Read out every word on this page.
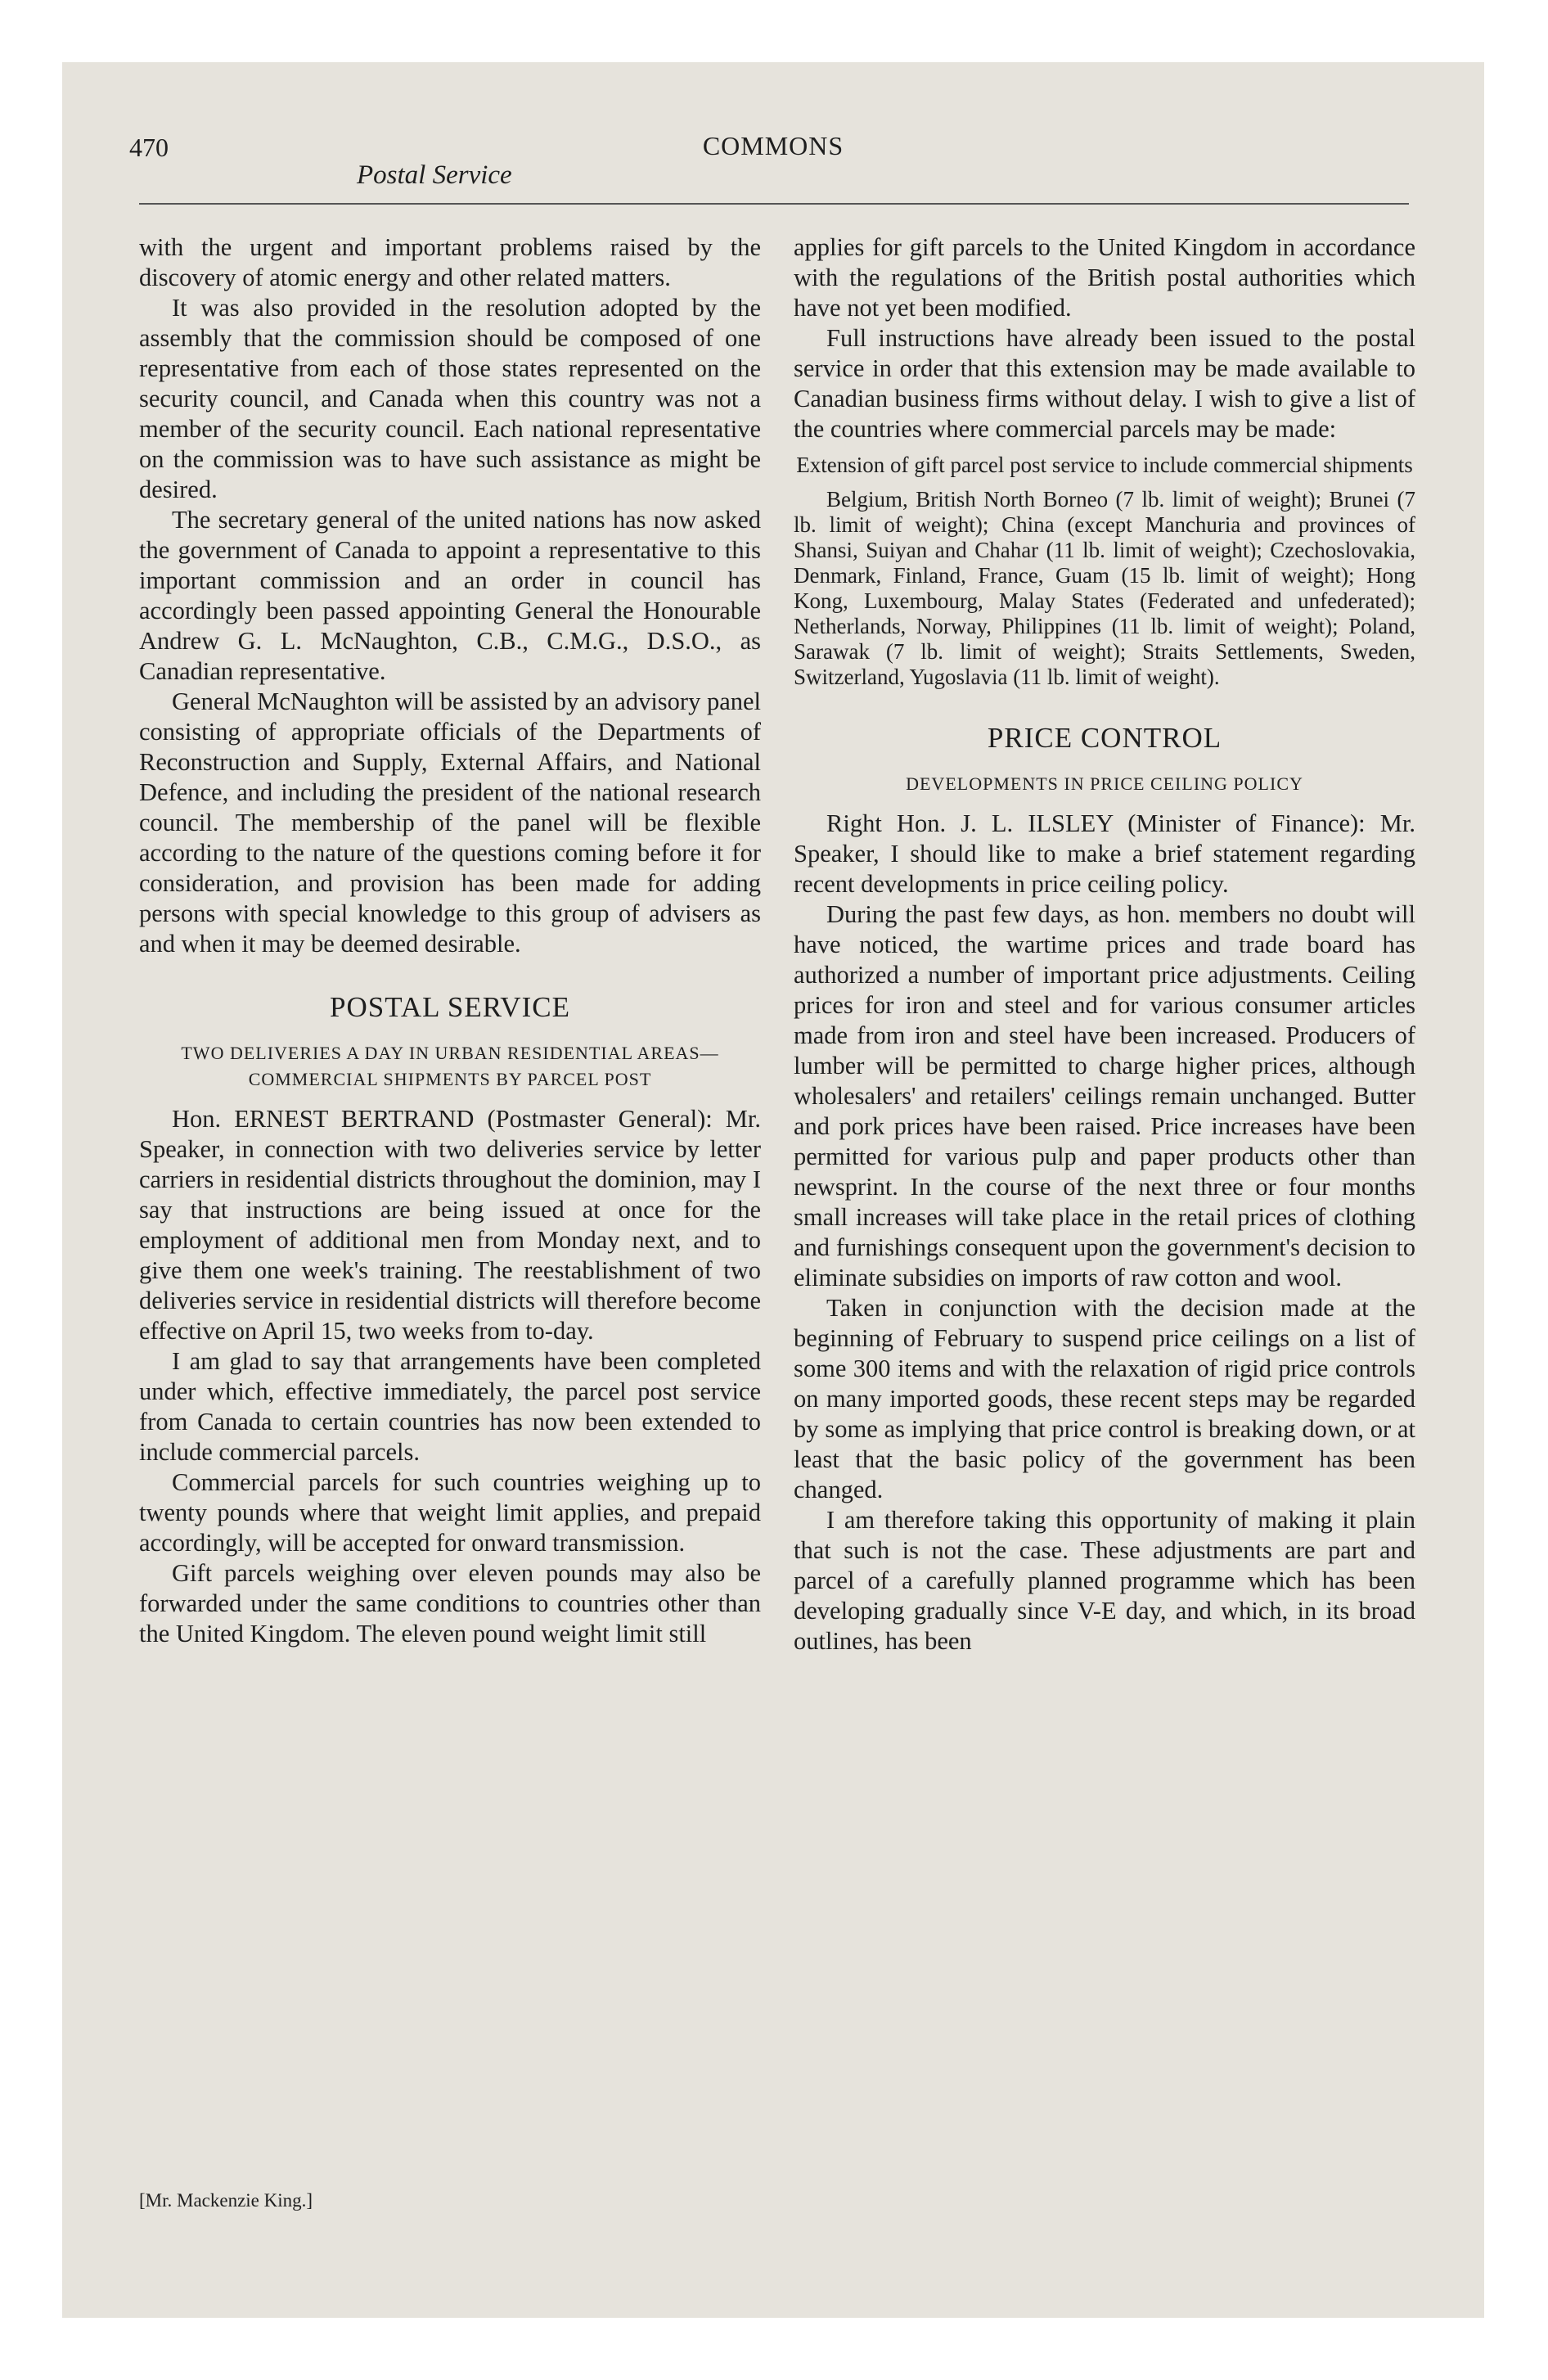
470	COMMONS
Postal Service

with the urgent and important problems raised by the discovery of atomic energy and other related matters.

It was also provided in the resolution adopted by the assembly that the commission should be composed of one representative from each of those states represented on the security council, and Canada when this country was not a member of the security council. Each national representative on the commission was to have such assistance as might be desired.

The secretary general of the united nations has now asked the government of Canada to appoint a representative to this important commission and an order in council has accordingly been passed appointing General the Honourable Andrew G. L. McNaughton, C.B., C.M.G., D.S.O., as Canadian representative.

General McNaughton will be assisted by an advisory panel consisting of appropriate officials of the Departments of Reconstruction and Supply, External Affairs, and National Defence, and including the president of the national research council. The membership of the panel will be flexible according to the nature of the questions coming before it for consideration, and provision has been made for adding persons with special knowledge to this group of advisers as and when it may be deemed desirable.

POSTAL SERVICE
TWO DELIVERIES A DAY IN URBAN RESIDENTIAL AREAS—COMMERCIAL SHIPMENTS BY PARCEL POST

Hon. ERNEST BERTRAND (Postmaster General): Mr. Speaker, in connection with two deliveries service by letter carriers in residential districts throughout the dominion, may I say that instructions are being issued at once for the employment of additional men from Monday next, and to give them one week's training. The reestablishment of two deliveries service in residential districts will therefore become effective on April 15, two weeks from to-day.

I am glad to say that arrangements have been completed under which, effective immediately, the parcel post service from Canada to certain countries has now been extended to include commercial parcels.

Commercial parcels for such countries weighing up to twenty pounds where that weight limit applies, and prepaid accordingly, will be accepted for onward transmission.

Gift parcels weighing over eleven pounds may also be forwarded under the same conditions to countries other than the United Kingdom. The eleven pound weight limit still

[Mr. Mackenzie King.]

applies for gift parcels to the United Kingdom in accordance with the regulations of the British postal authorities which have not yet been modified.

Full instructions have already been issued to the postal service in order that this extension may be made available to Canadian business firms without delay. I wish to give a list of the countries where commercial parcels may be made:

Extension of gift parcel post service to include commercial shipments

Belgium, British North Borneo (7 lb. limit of weight); Brunei (7 lb. limit of weight); China (except Manchuria and provinces of Shansi, Suiyan and Chahar (11 lb. limit of weight); Czechoslovakia, Denmark, Finland, France, Guam (15 lb. limit of weight); Hong Kong, Luxembourg, Malay States (Federated and unfederated); Netherlands, Norway, Philippines (11 lb. limit of weight); Poland, Sarawak (7 lb. limit of weight); Straits Settlements, Sweden, Switzerland, Yugoslavia (11 lb. limit of weight).

PRICE CONTROL
DEVELOPMENTS IN PRICE CEILING POLICY

Right Hon. J. L. ILSLEY (Minister of Finance): Mr. Speaker, I should like to make a brief statement regarding recent developments in price ceiling policy.

During the past few days, as hon. members no doubt will have noticed, the wartime prices and trade board has authorized a number of important price adjustments. Ceiling prices for iron and steel and for various consumer articles made from iron and steel have been increased. Producers of lumber will be permitted to charge higher prices, although wholesalers' and retailers' ceilings remain unchanged. Butter and pork prices have been raised. Price increases have been permitted for various pulp and paper products other than newsprint. In the course of the next three or four months small increases will take place in the retail prices of clothing and furnishings consequent upon the government's decision to eliminate subsidies on imports of raw cotton and wool.

Taken in conjunction with the decision made at the beginning of February to suspend price ceilings on a list of some 300 items and with the relaxation of rigid price controls on many imported goods, these recent steps may be regarded by some as implying that price control is breaking down, or at least that the basic policy of the government has been changed.

I am therefore taking this opportunity of making it plain that such is not the case. These adjustments are part and parcel of a carefully planned programme which has been developing gradually since V-E day, and which, in its broad outlines, has been
